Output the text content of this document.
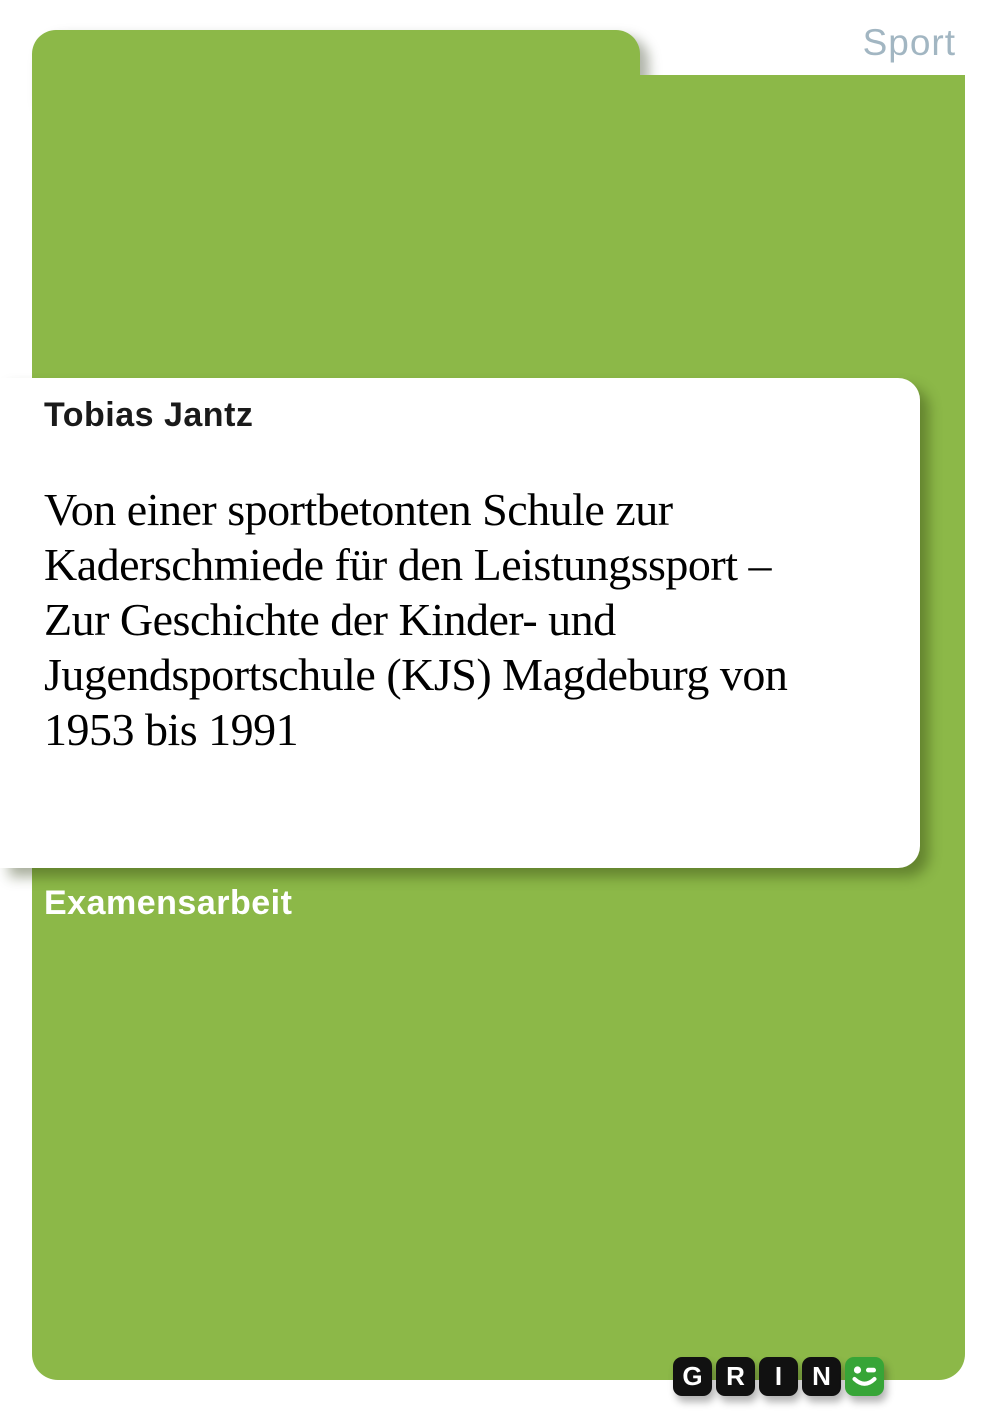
Sport
Tobias Jantz
Von einer sportbetonten Schule zur
Kaderschmiede für den Leistungssport –
Zur Geschichte der Kinder- und
Jugendsportschule (KJS) Magdeburg von
1953 bis 1991
Examensarbeit
G R	I	N
